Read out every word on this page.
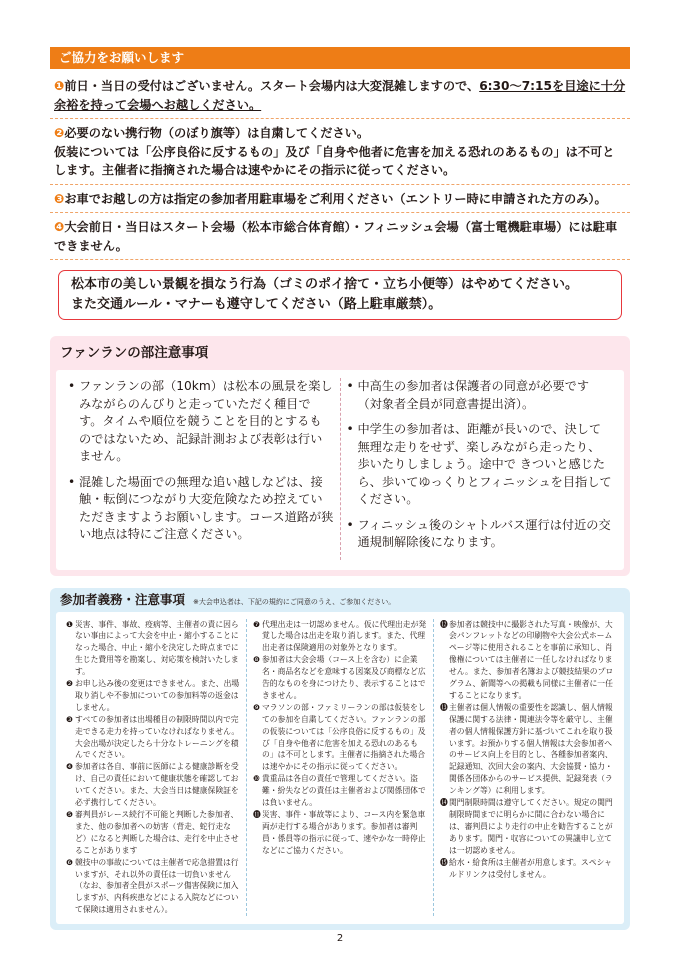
ご協力をお願いします
❶前日・当日の受付はございません。スタート会場内は大変混雑しますので、6:30〜7:15を目途に十分余裕を持って会場へお越しください。
❷必要のない携行物（のぼり旗等）は自粛してください。
仮装については「公序良俗に反するもの」及び「自身や他者に危害を加える恐れのあるもの」は不可とします。主催者に指摘された場合は速やかにその指示に従ってください。
❸お車でお越しの方は指定の参加者用駐車場をご利用ください（エントリー時に申請された方のみ）。
❹大会前日・当日はスタート会場（松本市総合体育館）・フィニッシュ会場（富士電機駐車場）には駐車できません。
松本市の美しい景観を損なう行為（ゴミのポイ捨て・立ち小便等）はやめてください。
また交通ルール・マナーも遵守してください（路上駐車厳禁）。
ファンランの部注意事項
• ファンランの部（10km）は松本の風景を楽しみながらのんびりと走っていただく種目です。タイムや順位を競うことを目的とするものではないため、記録計測および表彰は行いません。
• 混雑した場面での無理な追い越しなどは、接触・転倒につながり大変危険なため控えていただきますようお願いします。コース道路が狭い地点は特にご注意ください。
• 中高生の参加者は保護者の同意が必要です（対象者全員が同意書提出済）。
• 中学生の参加者は、距離が長いので、決して無理な走りをせず、楽しみながら走ったり、歩いたりしましょう。途中で きついと感じたら、歩いてゆっくりとフィニッシュを目指してください。
• フィニッシュ後のシャトルバス運行は付近の交通規制解除後になります。
参加者義務・注意事項 ※大会申込者は、下記の規約にご同意のうえ、ご参加ください。
❶ 災害、事件、事故、疫病等、主催者の責に因らない事由によって大会を中止・縮小することになった場合、中止・縮小を決定した時点までに生じた費用等を勘案し、対応策を検討いたします。
❷ お申し込み後の変更はできません。また、出場取り消しや不参加についての参加料等の返金はしません。
❸ すべての参加者は出場種目の制限時間以内で完走できる走力を持っていなければなりません。大会出場が決定したら十分なトレーニングを積んでください。
❹ 参加者は各自、事前に医師による健康診断を受け、自己の責任において健康状態を確認しておいてください。また、大会当日は健康保険証を必ず携行してください。
❺ 審判員がレース続行不可能と判断した参加者、また、他の参加者への妨害（背走、蛇行走など）になると判断した場合は、走行を中止させることがあります
❻ 競技中の事故については主催者で応急措置は行いますが、それ以外の責任は一切負いません（なお、参加者全員がスポーツ傷害保険に加入しますが、内科疾患などによる入院などについて保険は適用されません）。
❼ 代理出走は一切認めません。仮に代理出走が発覚した場合は出走を取り消します。また、代理出走者は保険適用の対象外となります。
❽ 参加者は大会会場（コース上を含む）に企業名・商品名などを意味する図案及び商標など広告的なものを身につけたり、表示することはできません。
❾ マラソンの部・ファミリーランの部は仮装をしての参加を自粛してください。ファンランの部の仮装については「公序良俗に反するもの」及び「自身や他者に危害を加える恐れのあるもの」は不可とします。主催者に指摘された場合は速やかにその指示に従ってください。
❿ 貴重品は各自の責任で管理してください。盗難・紛失などの責任は主催者および関係団体では負いません。
⓫ 災害、事件・事故等により、コース内を緊急車両が走行する場合があります。参加者は審判員・係員等の指示に従って、速やかな一時停止などにご協力ください。
⓬ 参加者は競技中に撮影された写真・映像が、大会パンフレットなどの印刷物や大会公式ホームページ等に使用されることを事前に承知し、肖像権については主催者に一任しなければなりません。また、参加者名簿および競技結果のプログラム、新聞等への掲載も同様に主催者に一任することになります。
⓭ 主催者は個人情報の重要性を認識し、個人情報保護に関する法律・関連法令等を厳守し、主催者の個人情報保護方針に基づいてこれを取り扱います。お預かりする個人情報は大会参加者へのサービス向上を目的とし、各種参加者案内、記録通知、次回大会の案内、大会協賛・協力・関係各団体からのサービス提供、記録発表（ランキング等）に利用します。
⓮ 関門制限時間は遵守してください。規定の関門制限時間までに明らかに間に合わない場合には、審判員により走行の中止を勧告することがあります。関門・収容についての異議申し立ては一切認めません。
⓯ 給水・給食所は主催者が用意します。スペシャルドリンクは受付しません。
2
